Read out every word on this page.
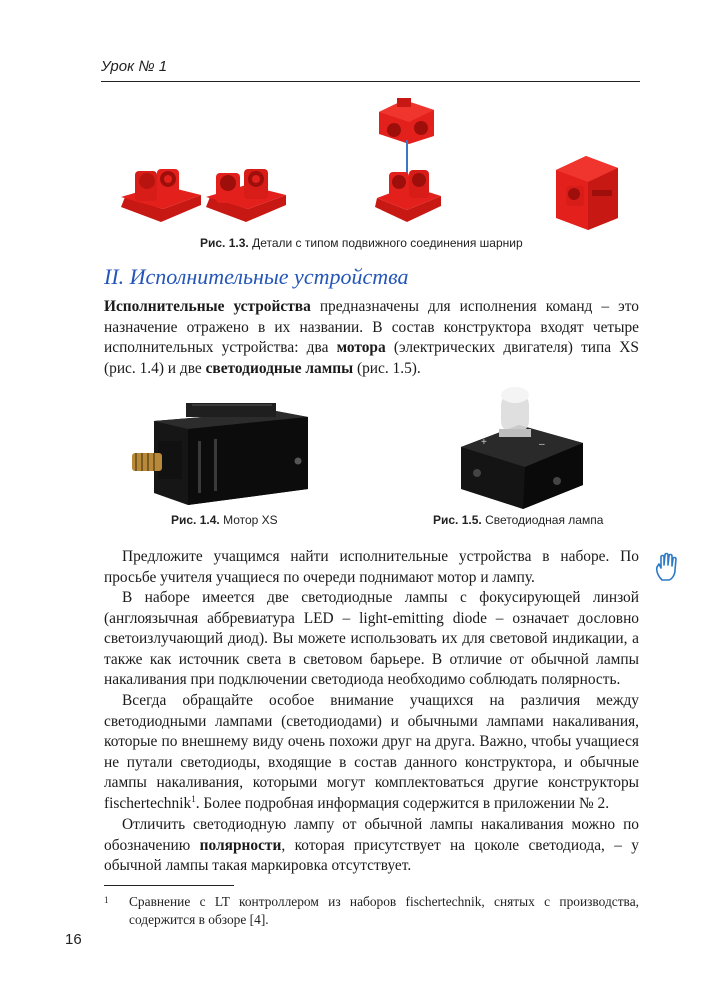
Урок № 1
Рис. 1.3. Детали с типом подвижного соединения шарнир
II. Исполнительные устройства
Исполнительные устройства предназначены для исполнения команд – это назначение отражено в их названии. В состав конструктора входят четыре исполнительных устройства: два мотора (электрических двигателя) типа XS (рис. 1.4) и две светодиодные лампы (рис. 1.5).
+	–
Рис. 1.4. Мотор XS	Рис. 1.5. Светодиодная лампа
Предложите учащимся найти исполнительные устройства в наборе. По просьбе учителя учащиеся по очереди поднимают мотор и лампу.
В наборе имеется две светодиодные лампы с фокусирующей линзой (англоязычная аббревиатура LED – light-emitting diode – означает дословно светоизлучающий диод). Вы можете использовать их для световой индикации, а также как источник света в световом барьере. В отличие от обычной лампы накаливания при подключении светодиода необходимо соблюдать полярность.
Всегда обращайте особое внимание учащихся на различия между светодиодными лампами (светодиодами) и обычными лампами накаливания, которые по внешнему виду очень похожи друг на друга. Важно, чтобы учащиеся не путали светодиоды, входящие в состав данного конструктора, и обычные лампы накаливания, которыми могут комплектоваться другие конструкторы fischertechnik$^1$. Более подробная информация содержится в приложении № 2.
Отличить светодиодную лампу от обычной лампы накаливания можно по обозначению полярности, которая присутствует на цоколе светодиода, – у обычной лампы такая маркировка отсутствует.
1 Сравнение с LT контроллером из наборов fischertechnik, снятых с производства, содержится в обзоре [4].
16
